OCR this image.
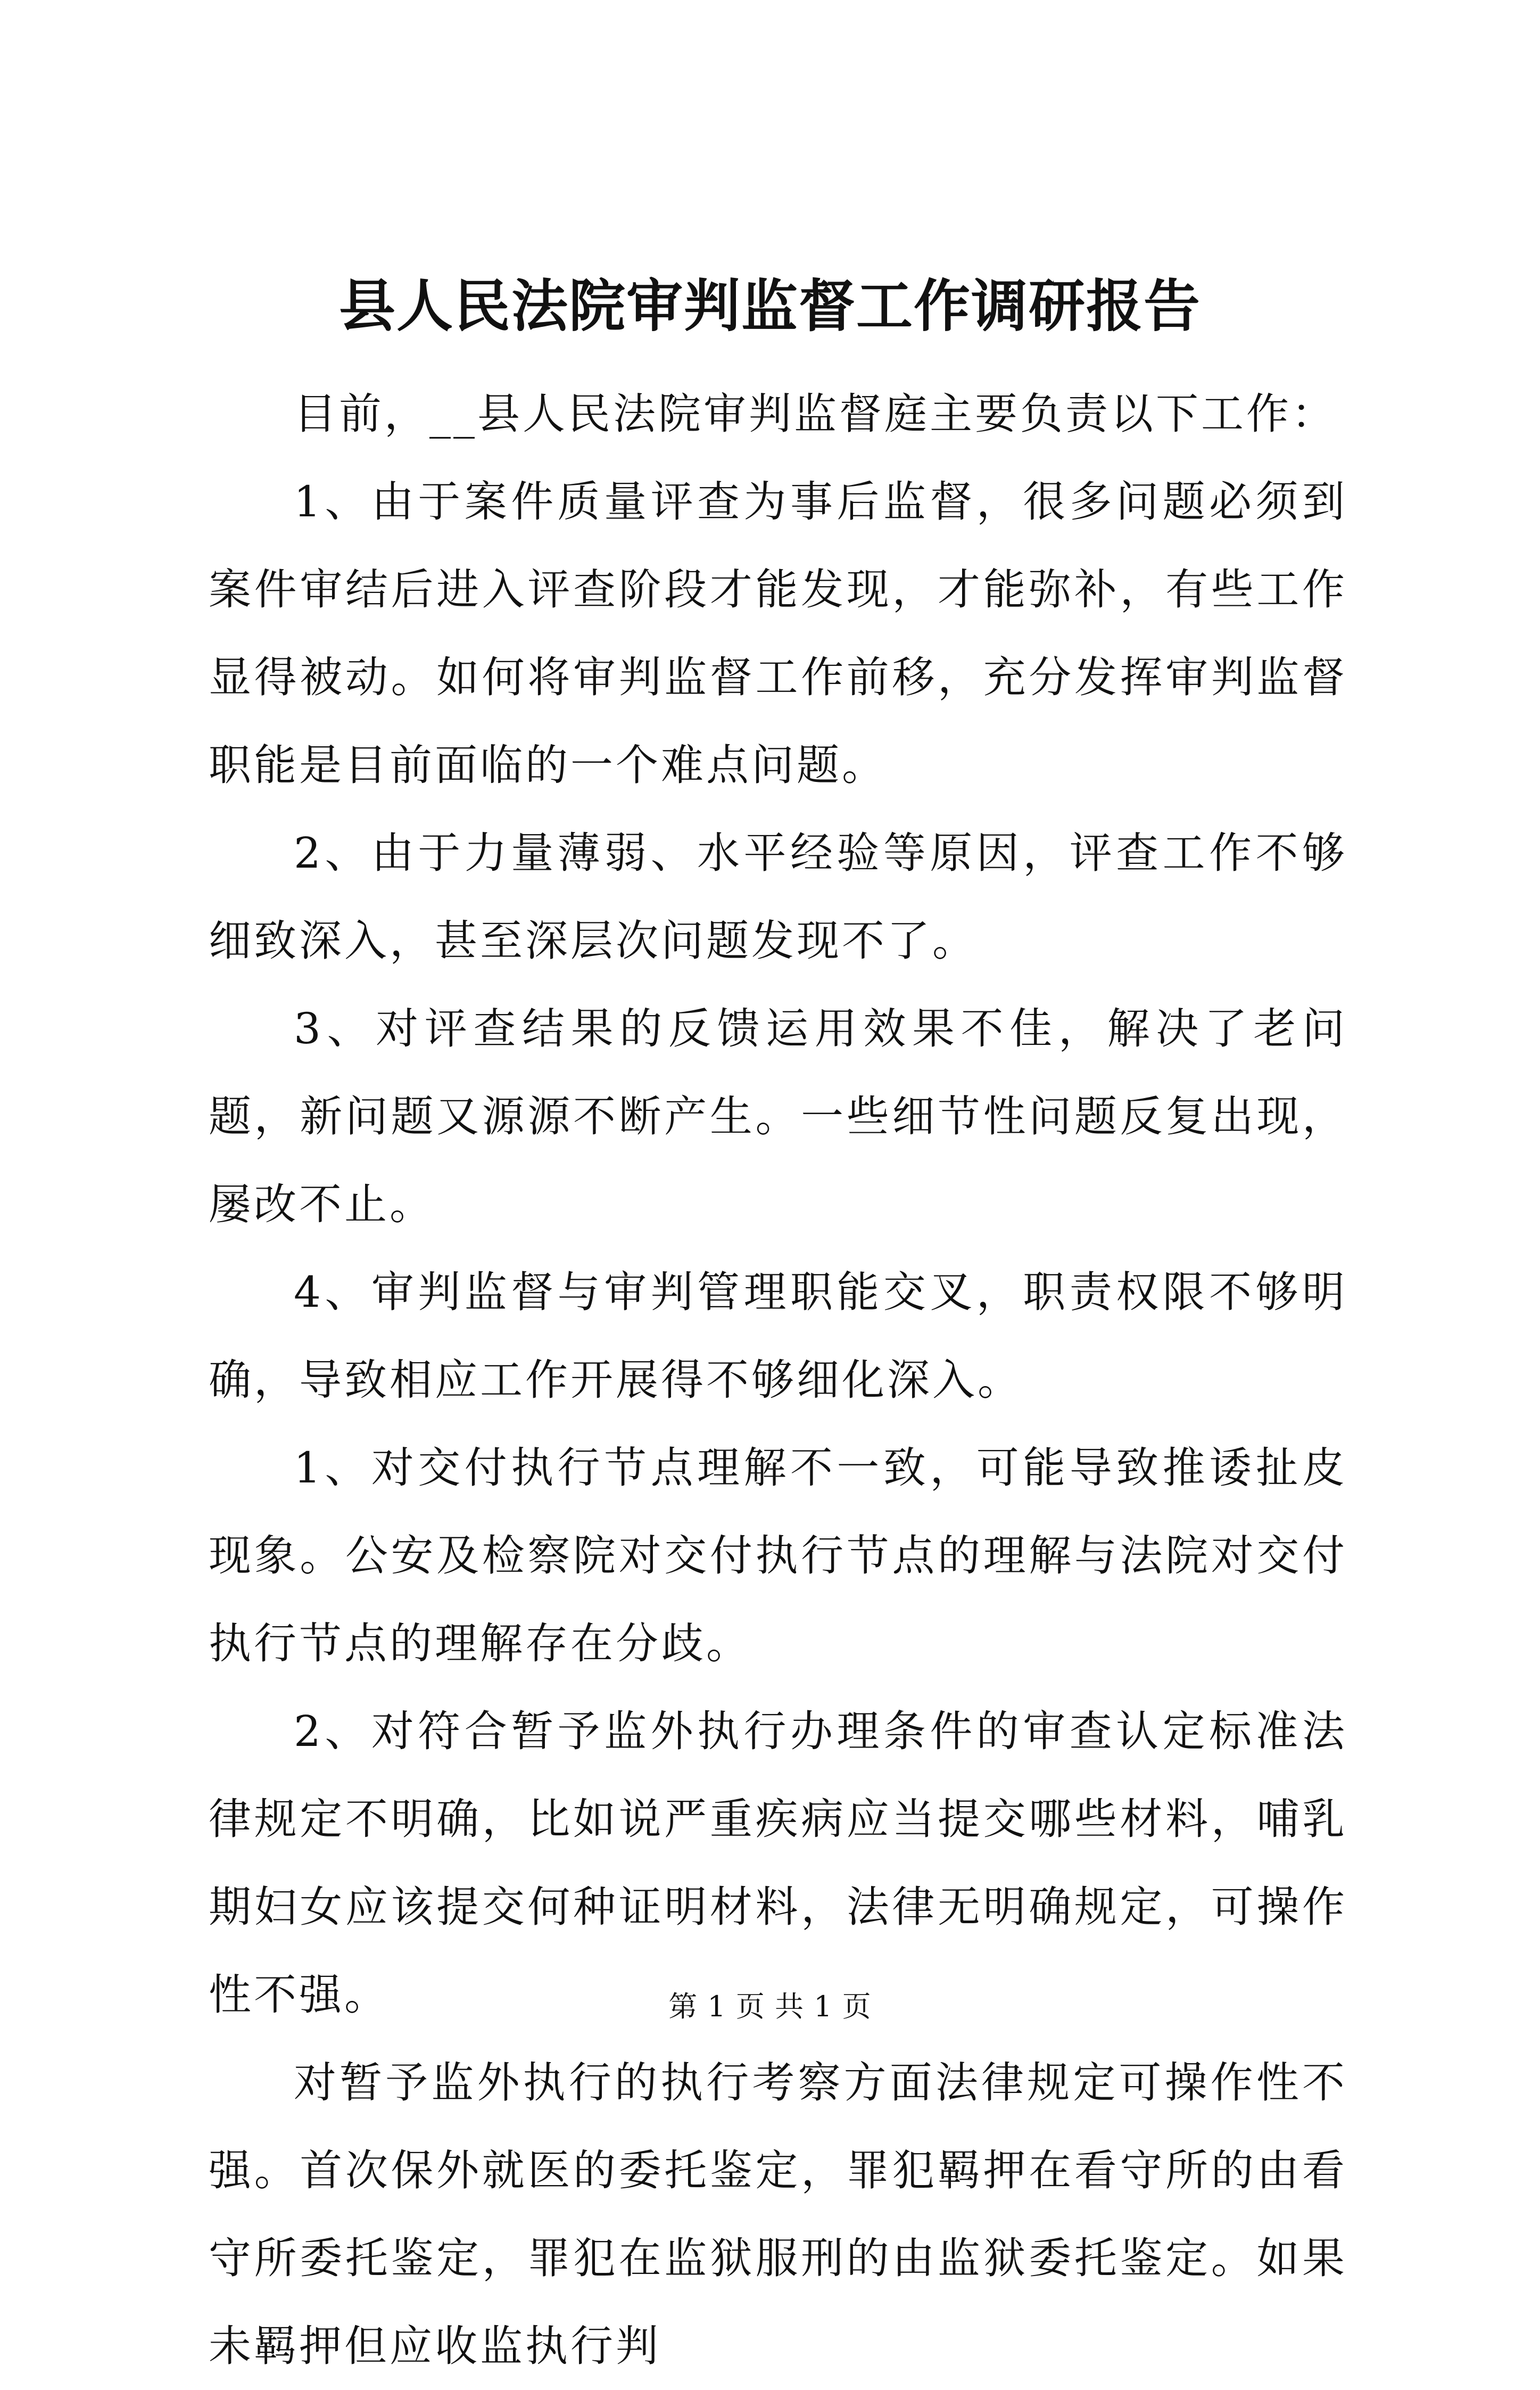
县人民法院审判监督工作调研报告

目前，__县人民法院审判监督庭主要负责以下工作：

1、由于案件质量评查为事后监督，很多问题必须到案件审结后进入评查阶段才能发现，才能弥补，有些工作显得被动。如何将审判监督工作前移，充分发挥审判监督职能是目前面临的一个难点问题。

2、由于力量薄弱、水平经验等原因，评查工作不够细致深入，甚至深层次问题发现不了。

3、对评查结果的反馈运用效果不佳，解决了老问题，新问题又源源不断产生。一些细节性问题反复出现，屡改不止。

4、审判监督与审判管理职能交叉，职责权限不够明确，导致相应工作开展得不够细化深入。

1、对交付执行节点理解不一致，可能导致推诿扯皮现象。公安及检察院对交付执行节点的理解与法院对交付执行节点的理解存在分歧。

2、对符合暂予监外执行办理条件的审查认定标准法律规定不明确，比如说严重疾病应当提交哪些材料，哺乳期妇女应该提交何种证明材料，法律无明确规定，可操作性不强。

对暂予监外执行的执行考察方面法律规定可操作性不强。首次保外就医的委托鉴定，罪犯羁押在看守所的由看守所委托鉴定，罪犯在监狱服刑的由监狱委托鉴定。如果未羁押但应收监执行判

第 1 页 共 1 页
